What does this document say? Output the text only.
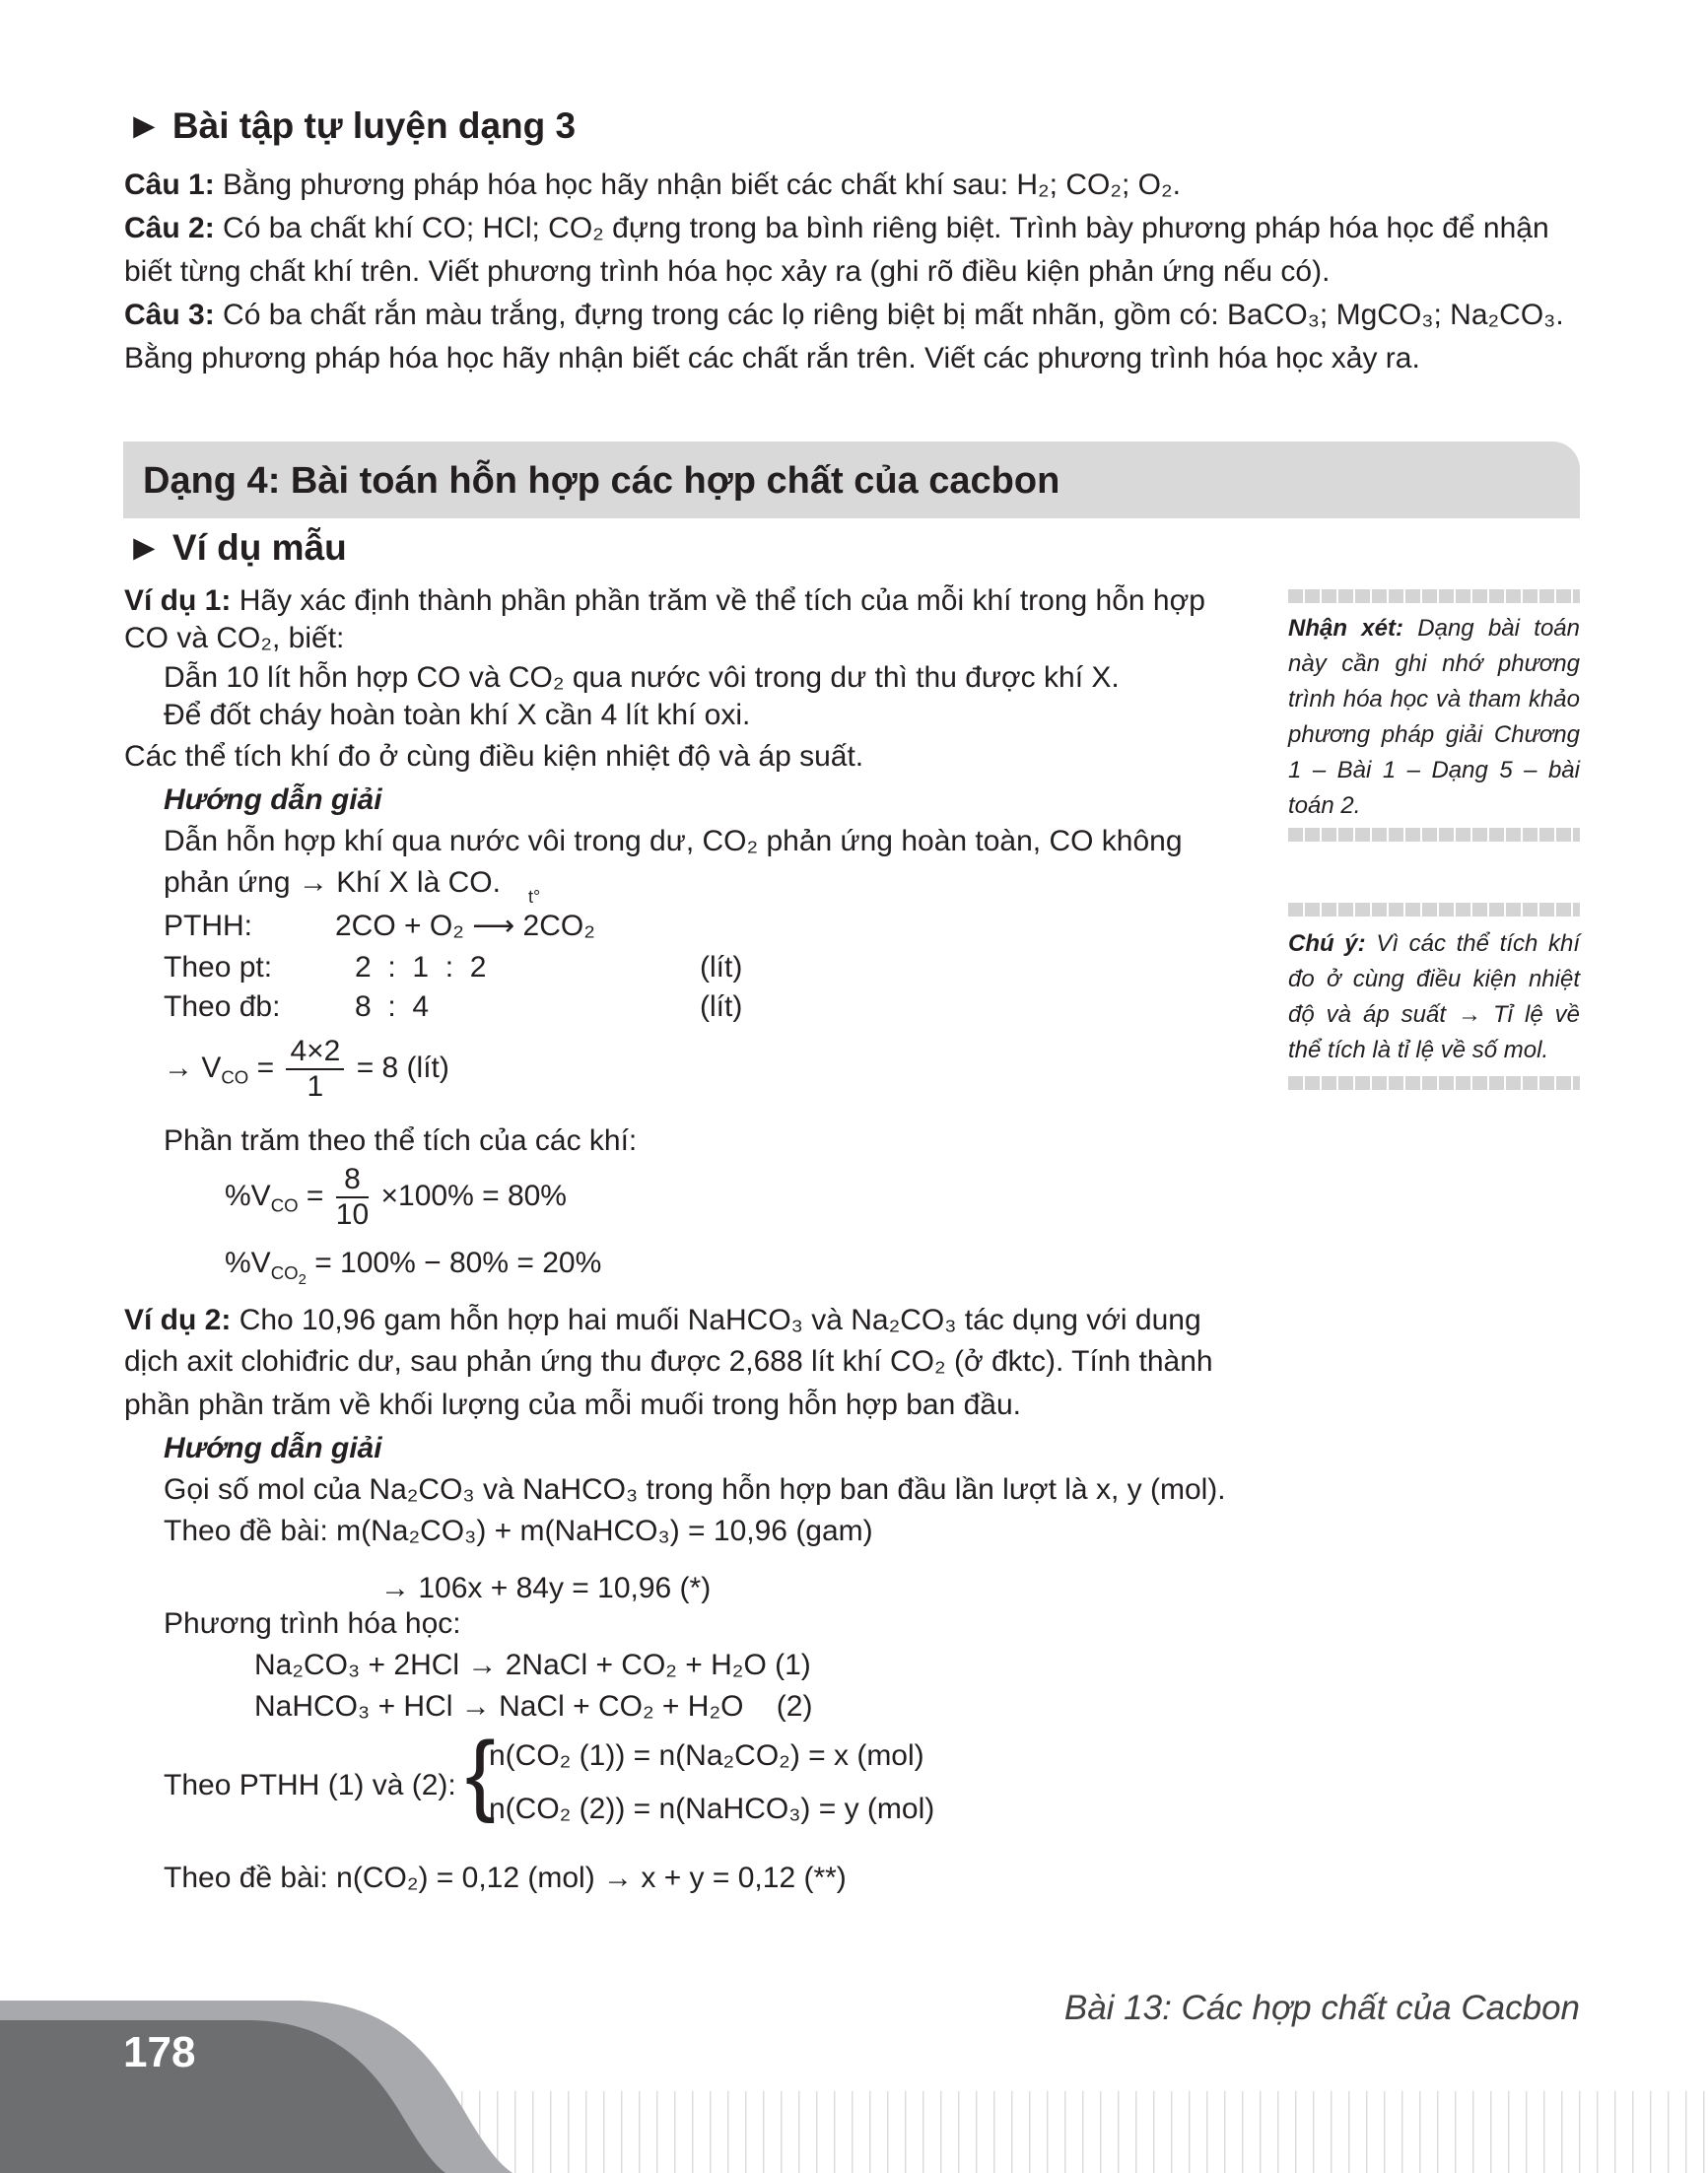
► Bài tập tự luyện dạng 3
Câu 1: Bằng phương pháp hóa học hãy nhận biết các chất khí sau: H₂; CO₂; O₂.
Câu 2: Có ba chất khí CO; HCl; CO₂ đựng trong ba bình riêng biệt. Trình bày phương pháp hóa học để nhận
biết từng chất khí trên. Viết phương trình hóa học xảy ra (ghi rõ điều kiện phản ứng nếu có).
Câu 3: Có ba chất rắn màu trắng, đựng trong các lọ riêng biệt bị mất nhãn, gồm có: BaCO₃; MgCO₃; Na₂CO₃.
Bằng phương pháp hóa học hãy nhận biết các chất rắn trên. Viết các phương trình hóa học xảy ra.
Dạng 4: Bài toán hỗn hợp các hợp chất của cacbon
► Ví dụ mẫu
Ví dụ 1: Hãy xác định thành phần phần trăm về thể tích của mỗi khí trong hỗn hợp
CO và CO₂, biết:
Dẫn 10 lít hỗn hợp CO và CO₂ qua nước vôi trong dư thì thu được khí X.
Để đốt cháy hoàn toàn khí X cần 4 lít khí oxi.
Các thể tích khí đo ở cùng điều kiện nhiệt độ và áp suất.
Hướng dẫn giải
Dẫn hỗn hợp khí qua nước vôi trong dư, CO₂ phản ứng hoàn toàn, CO không
phản ứng → Khí X là CO.
PTHH:	2CO + O₂ ⟶ 2CO₂
t°
Theo pt:	2  :  1  :  2	(lít)
Theo đb:	8  :  4	(lít)
→ $V_{CO} = \frac{4\times 2}{1} = 8$ (lít)
Phần trăm theo thể tích của các khí:
$\%V_{CO} = \frac{8}{10} \times 100\% = 80\%$
$\%V_{CO_2} = 100\% - 80\% = 20\%$
Ví dụ 2: Cho 10,96 gam hỗn hợp hai muối NaHCO₃ và Na₂CO₃ tác dụng với dung
dịch axit clohiđric dư, sau phản ứng thu được 2,688 lít khí CO₂ (ở đktc). Tính thành
phần phần trăm về khối lượng của mỗi muối trong hỗn hợp ban đầu.
Hướng dẫn giải
Gọi số mol của Na₂CO₃ và NaHCO₃ trong hỗn hợp ban đầu lần lượt là x, y (mol).
Theo đề bài: m(Na₂CO₃) + m(NaHCO₃) = 10,96 (gam)
→ 106x + 84y = 10,96 (*)
Phương trình hóa học:
Na₂CO₃ + 2HCl → 2NaCl + CO₂ + H₂O (1)
NaHCO₃ + HCl → NaCl + CO₂ + H₂O    (2)
Theo PTHH (1) và (2): {
n(CO₂ (1)) = n(Na₂CO₂) = x (mol)
n(CO₂ (2)) = n(NaHCO₃) = y (mol)
Theo đề bài: n(CO₂) = 0,12 (mol) → x + y = 0,12 (**)
Nhận xét: Dạng bài toán này cần ghi nhớ phương trình hóa học và tham khảo phương pháp giải Chương 1 – Bài 1 – Dạng 5 – bài toán 2.
Chú ý: Vì các thể tích khí đo ở cùng điều kiện nhiệt độ và áp suất → Tỉ lệ về thể tích là tỉ lệ về số mol.
178
Bài 13: Các hợp chất của Cacbon
